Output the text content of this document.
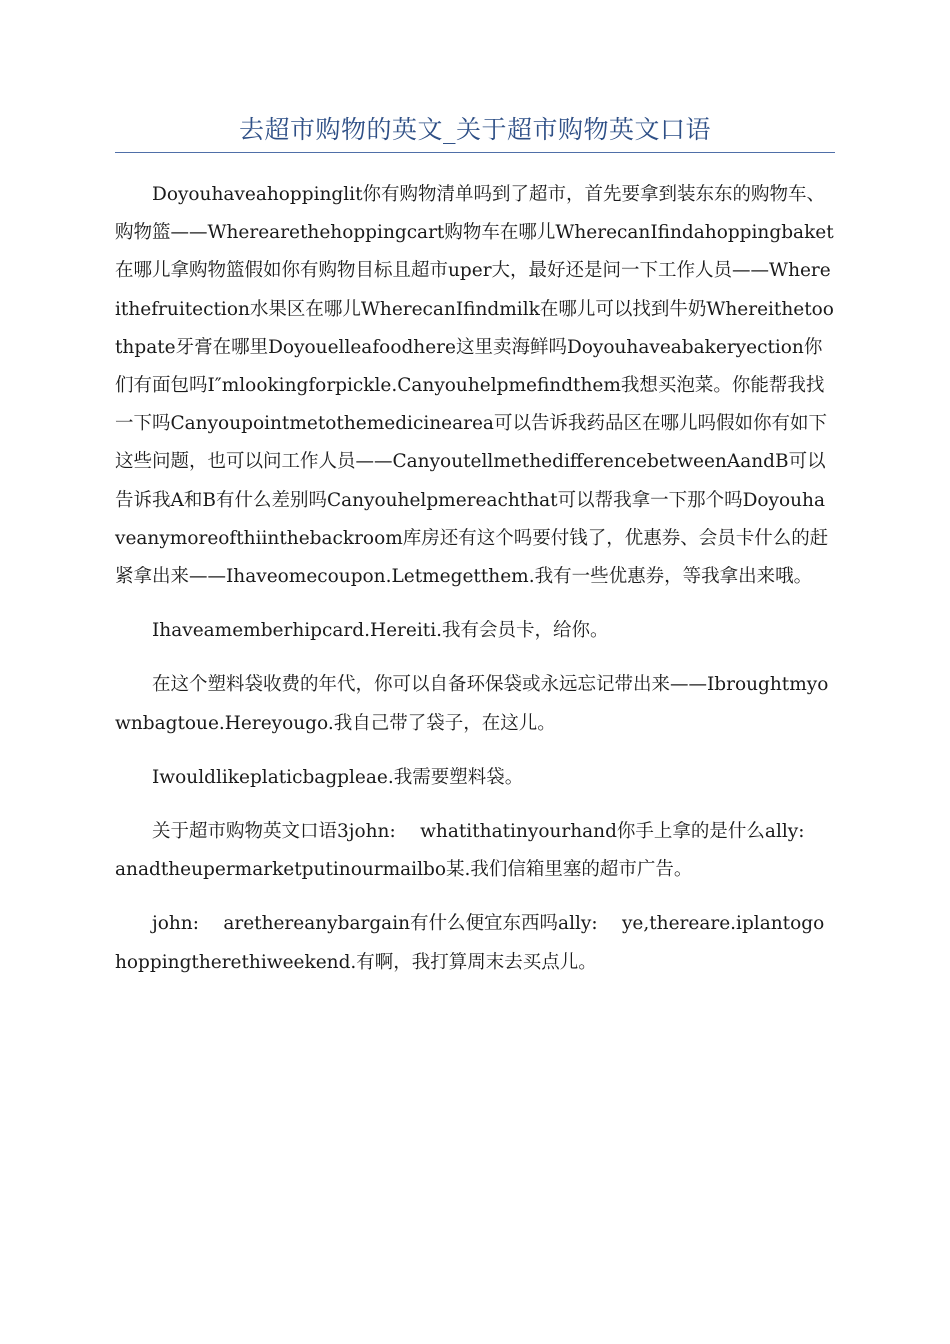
去超市购物的英文_关于超市购物英文口语

Doyouhaveahoppinglit你有购物清单吗到了超市，首先要拿到装东东的购物车、购物篮——Wherearethehoppingcart购物车在哪儿WherecanIfindahoppingbaket在哪儿拿购物篮假如你有购物目标且超市uper大，最好还是问一下工作人员——Whereithefruitection水果区在哪儿WherecanIfindmilk在哪儿可以找到牛奶Whereithetoothpate牙膏在哪里Doyouelleafoodhere这里卖海鲜吗Doyouhaveabakeryection你们有面包吗I″mlookingforpickle.Canyouhelpmefindthem我想买泡菜。你能帮我找一下吗Canyoupointmetothemedicinearea可以告诉我药品区在哪儿吗假如你有如下这些问题，也可以问工作人员——CanyoutellmethedifferencebetweenAandB可以告诉我A和B有什么差别吗Canyouhelpmereachthat可以帮我拿一下那个吗Doyouhaveanymoreofthiinthebackroom库房还有这个吗要付钱了，优惠券、会员卡什么的赶紧拿出来——Ihaveomecoupon.Letmegetthem.我有一些优惠券，等我拿出来哦。

Ihaveamemberhipcard.Hereiti.我有会员卡，给你。

在这个塑料袋收费的年代，你可以自备环保袋或永远忘记带出来——Ibroughtmyownbagtoue.Hereyougo.我自己带了袋子，在这儿。

Iwouldlikeplaticbagpleae.我需要塑料袋。

关于超市购物英文口语3john:　 whatithatinyourhand你手上拿的是什么ally:　 anadtheupermarketputinourmailbo某.我们信箱里塞的超市广告。

john:　 arethereanybargain有什么便宜东西吗ally:　 ye,thereare.iplantogohoppingtherethiweekend.有啊，我打算周末去买点儿。
